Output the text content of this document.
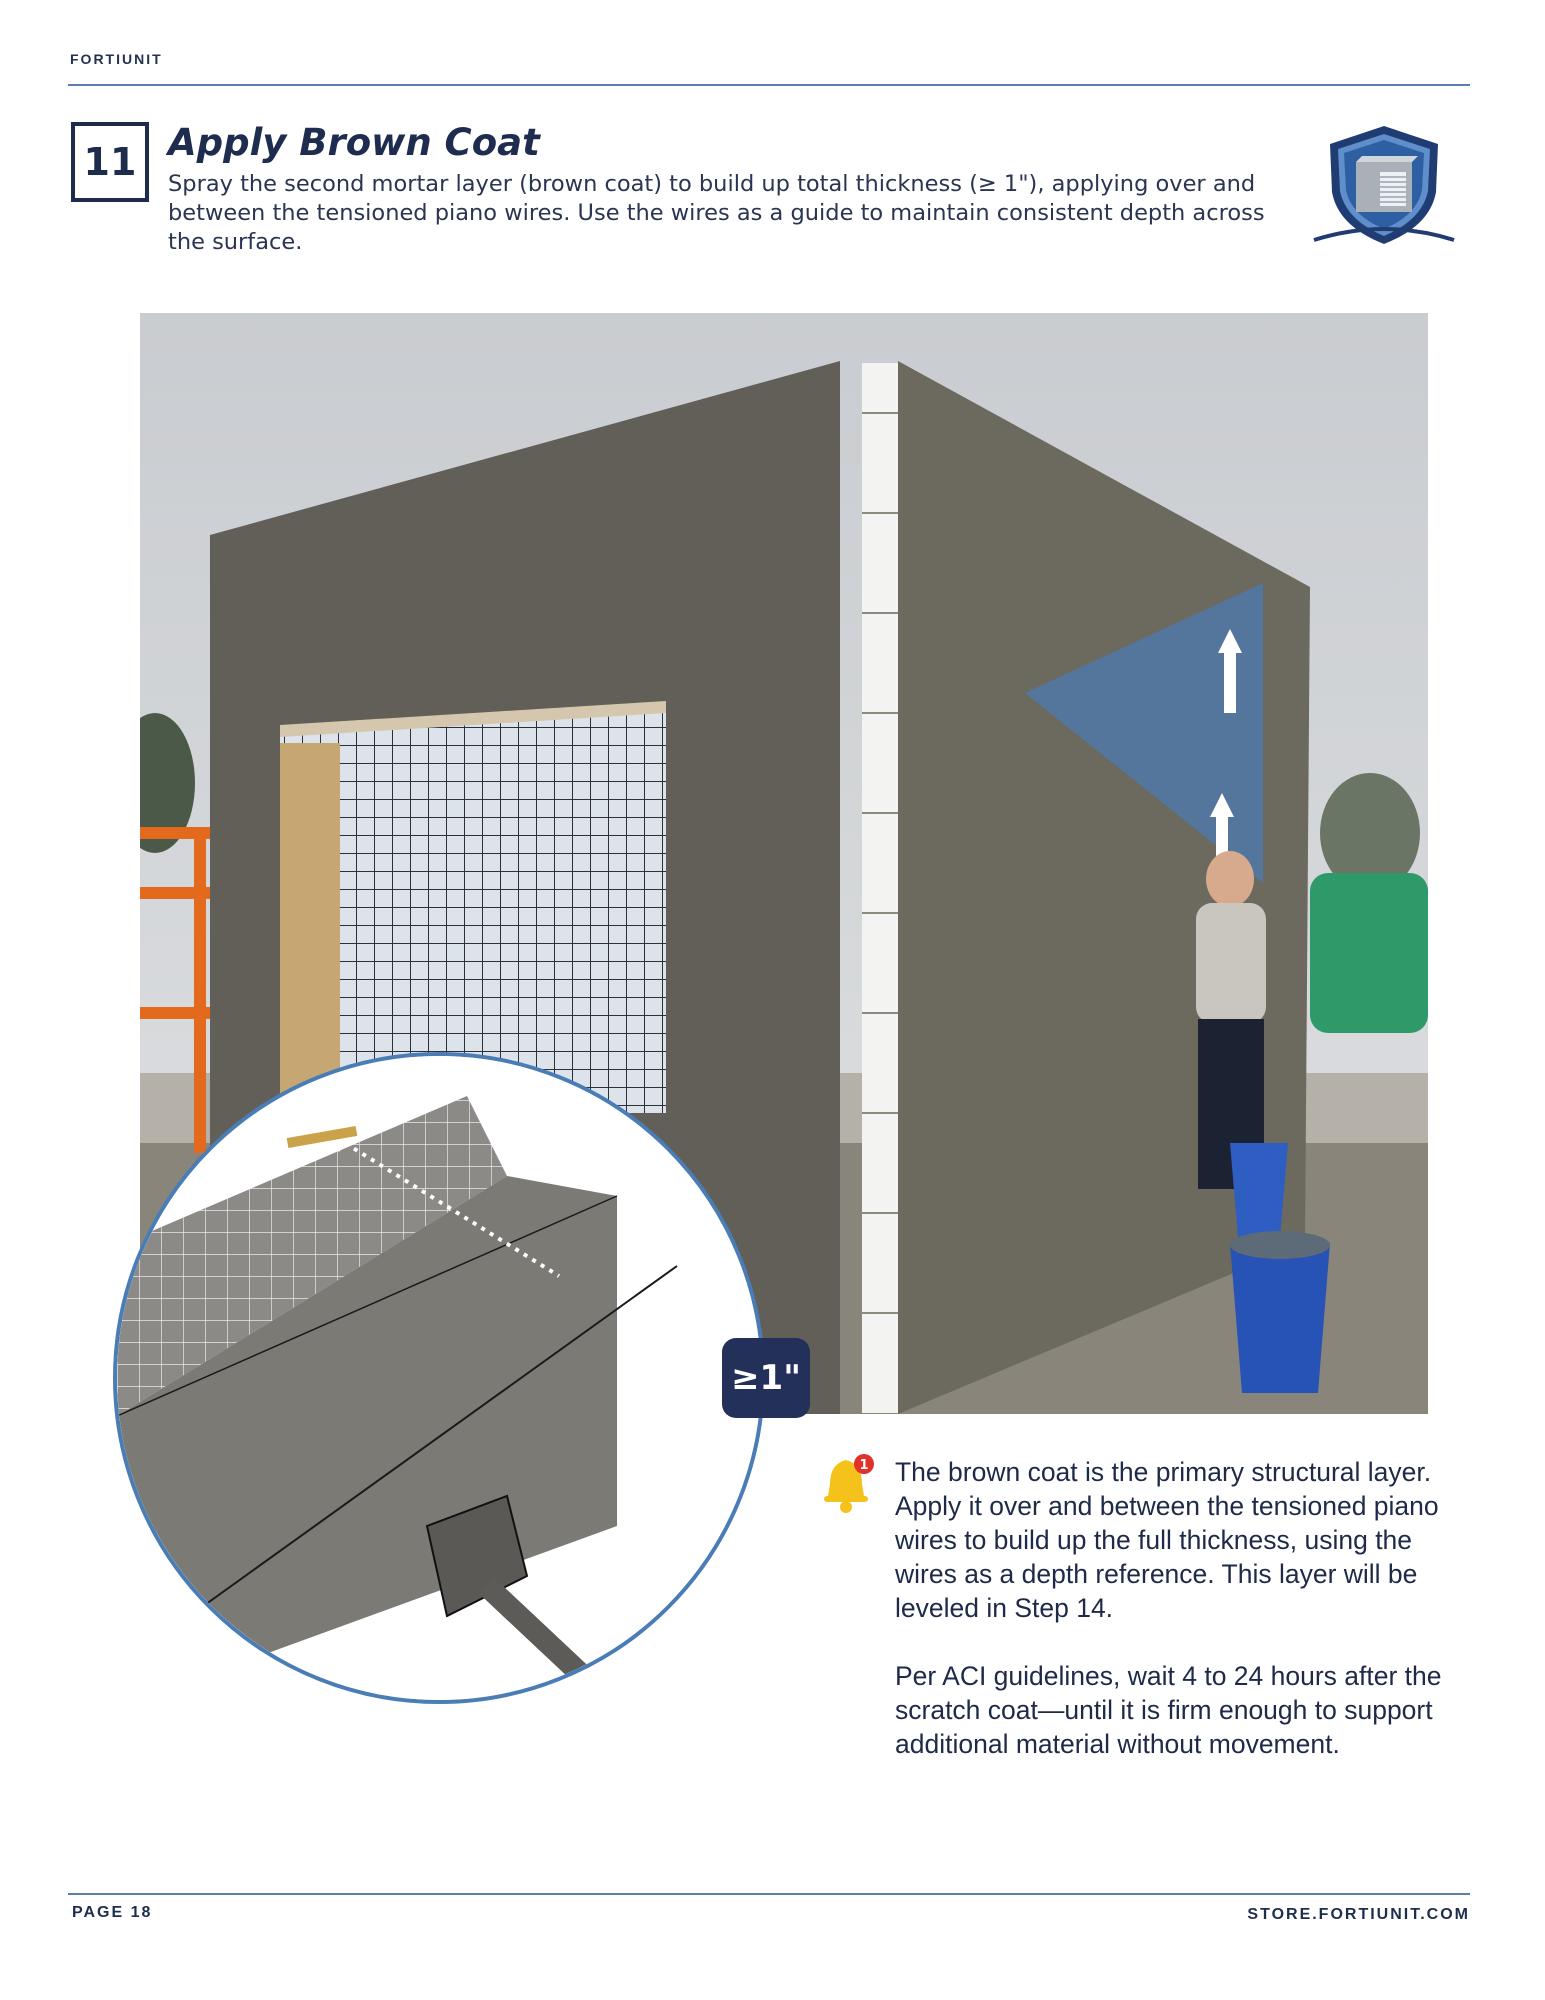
FORTIUNIT
11 Apply Brown Coat

Spray the second mortar layer (brown coat) to build up total thickness (≥ 1"), applying over and between the tensioned piano wires. Use the wires as a guide to maintain consistent depth across the surface.

≥1"
1 The brown coat is the primary structural layer. Apply it over and between the tensioned piano wires to build up the full thickness, using the wires as a depth reference. This layer will be leveled in Step 14.

Per ACI guidelines, wait 4 to 24 hours after the scratch coat—until it is firm enough to support additional material without movement.

PAGE 18	STORE.FORTIUNIT.COM
